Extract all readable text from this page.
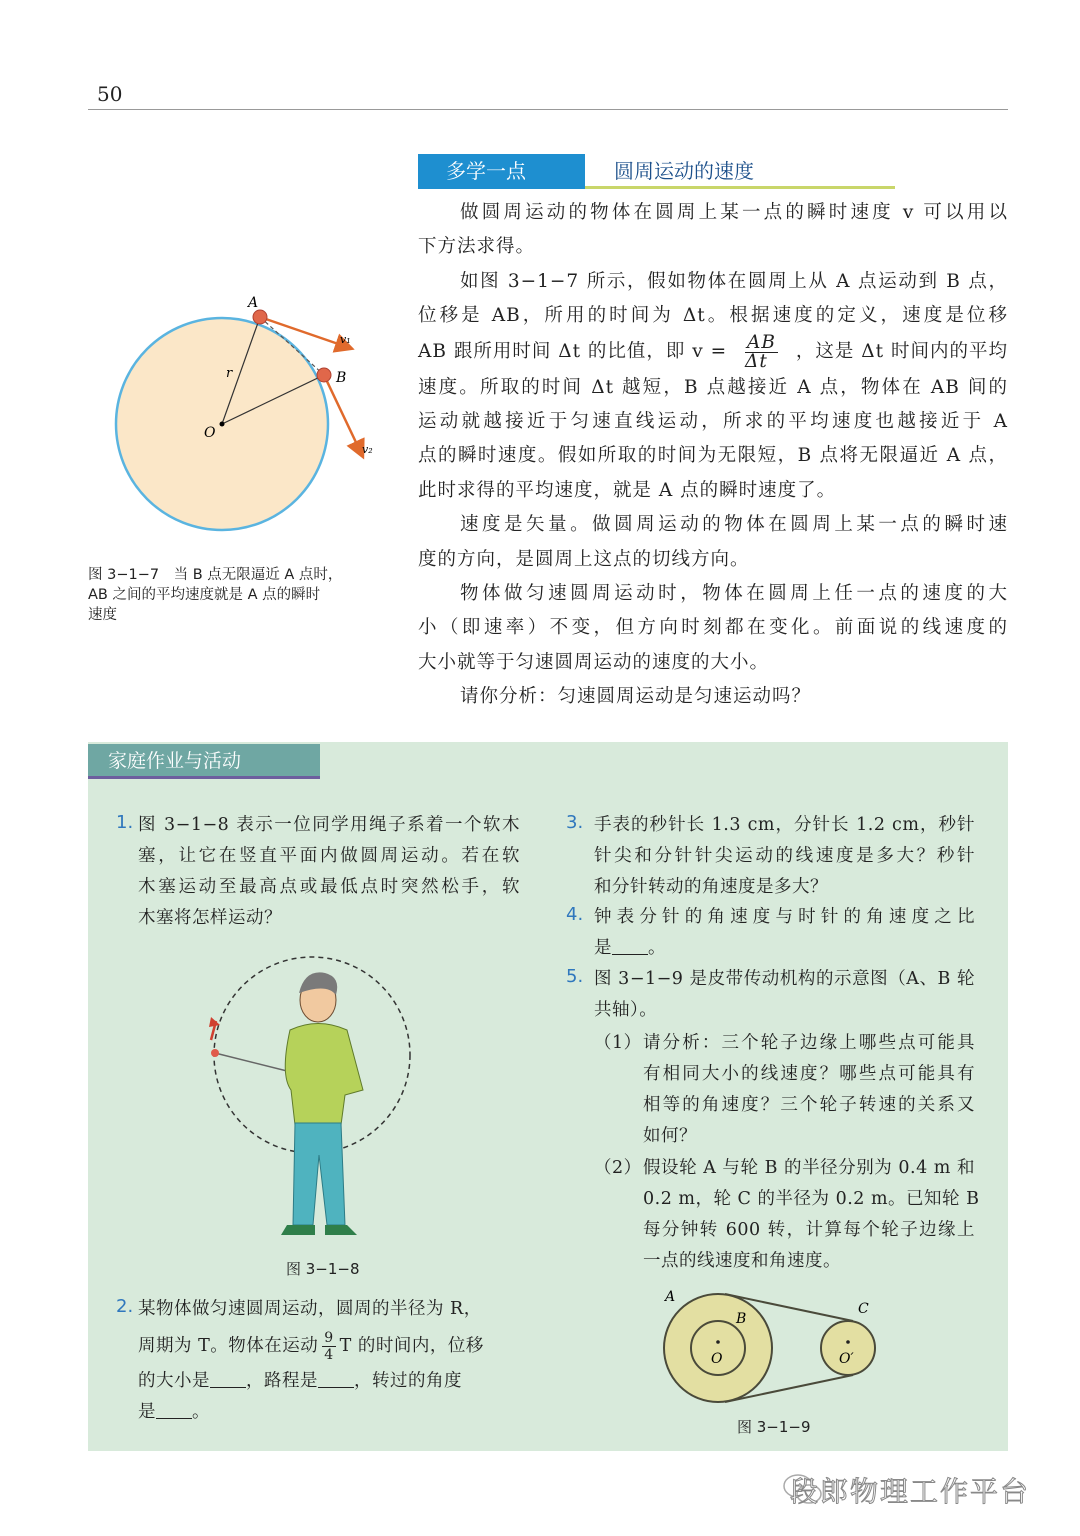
50
多学一点	圆周运动的速度
做圆周运动的物体在圆周上某一点的瞬时速度 v 可以用以
下方法求得。
如图 3−1−7 所示，假如物体在圆周上从 A 点运动到 B 点，
位移是 AB，所用的时间为 Δt。根据速度的定义，速度是位移
AB 跟所用时间 Δt 的比值，即 $v = \frac{AB}{\Delta t}$ ，这是 Δt 时间内的平均
速度。所取的时间 Δt 越短，B 点越接近 A 点，物体在 AB 间的
运动就越接近于匀速直线运动，所求的平均速度也越接近于 A
点的瞬时速度。假如所取的时间为无限短，B 点将无限逼近 A 点，
此时求得的平均速度，就是 A 点的瞬时速度了。
速度是矢量。做圆周运动的物体在圆周上某一点的瞬时速
度的方向，是圆周上这点的切线方向。
物体做匀速圆周运动时，物体在圆周上任一点的速度的大
小（即速率）不变，但方向时刻都在变化。前面说的线速度的
大小就等于匀速圆周运动的速度的大小。
请你分析：匀速圆周运动是匀速运动吗？
A
B
O
r
v₁
v₂
图 3−1−7　当 B 点无限逼近 A 点时，
AB 之间的平均速度就是 A 点的瞬时
速度
家庭作业与活动
1. 图 3−1−8 表示一位同学用绳子系着一个软木
塞，让它在竖直平面内做圆周运动。若在软
木塞运动至最高点或最低点时突然松手，软
木塞将怎样运动？
图 3−1−8
2. 某物体做匀速圆周运动，圆周的半径为 R，
周期为 T。物体在运动 $\frac{9}{4}$ T 的时间内，位移
的大小是 ，路程是 ，转过的角度
是 。
3. 手表的秒针长 1.3 cm，分针长 1.2 cm，秒针
针尖和分针针尖运动的线速度是多大？秒针
和分针转动的角速度是多大？
4. 钟表分针的角速度与时针的角速度之比
是 。
5. 图 3−1−9 是皮带传动机构的示意图（A、B 轮
共轴）。
（1） 请分析：三个轮子边缘上哪些点可能具
有相同大小的线速度？哪些点可能具有
相等的角速度？三个轮子转速的关系又
如何？
（2） 假设轮 A 与轮 B 的半径分别为 0.4 m 和
0.2 m，轮 C 的半径为 0.2 m。已知轮 B
每分钟转 600 转，计算每个轮子边缘上
一点的线速度和角速度。
A
B
C
O	O′
图 3−1−9
段郎物理工作平台
